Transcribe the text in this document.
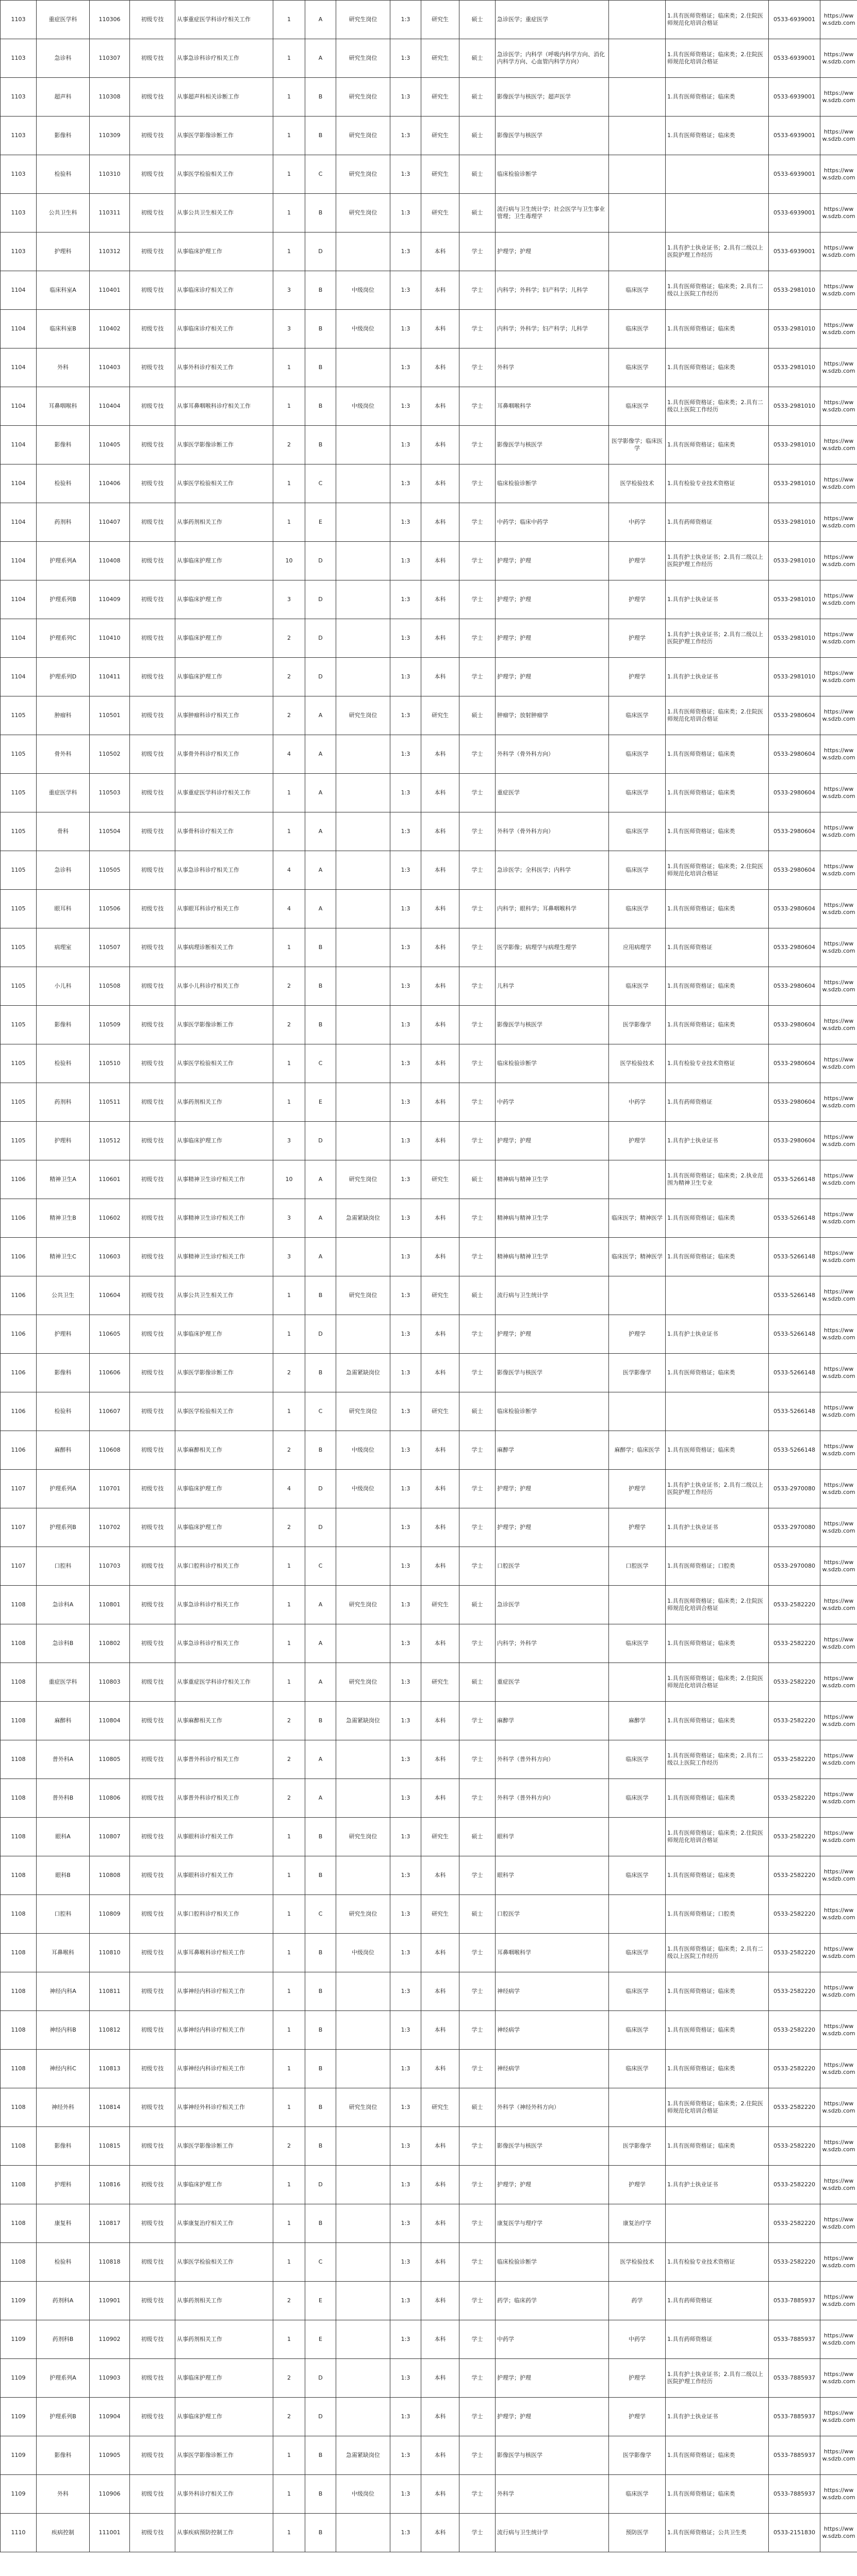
1103	重症医学科	110306	初级专技	从事重症医学科诊疗相关工作	1	A	研究生岗位	1:3	研究生	硕士	急诊医学；重症医学		1.具有医师资格证；临床类；2.住院医师规范化培训合格证	0533-6939001	https://www.sdzb.com
1103	急诊科	110307	初级专技	从事急诊科诊疗相关工作	1	A	研究生岗位	1:3	研究生	硕士	急诊医学；内科学（呼吸内科学方向、消化内科学方向、心血管内科学方向）		1.具有医师资格证；临床类；2.住院医师规范化培训合格证	0533-6939001	https://www.sdzb.com
1103	超声科	110308	初级专技	从事超声科相关诊断工作	1	B	研究生岗位	1:3	研究生	硕士	影像医学与核医学；超声医学		1.具有医师资格证；临床类	0533-6939001	https://www.sdzb.com
1103	影像科	110309	初级专技	从事医学影像诊断工作	1	B	研究生岗位	1:3	研究生	硕士	影像医学与核医学		1.具有医师资格证；临床类	0533-6939001	https://www.sdzb.com
1103	检验科	110310	初级专技	从事医学检验相关工作	1	C	研究生岗位	1:3	研究生	硕士	临床检验诊断学			0533-6939001	https://www.sdzb.com
1103	公共卫生科	110311	初级专技	从事公共卫生相关工作	1	B	研究生岗位	1:3	研究生	硕士	流行病与卫生统计学；社会医学与卫生事业管理；卫生毒理学			0533-6939001	https://www.sdzb.com
1103	护理科	110312	初级专技	从事临床护理工作	1	D		1:3	本科	学士	护理学；护理		1.具有护士执业证书；2.具有二级以上医院护理工作经历	0533-6939001	https://www.sdzb.com
1104	临床科室A	110401	初级专技	从事临床诊疗相关工作	3	B	中级岗位	1:3	本科	学士	内科学；外科学；妇产科学；儿科学	临床医学	1.具有医师资格证；临床类；2.具有二级以上医院工作经历	0533-2981010	https://www.sdzb.com
1104	临床科室B	110402	初级专技	从事临床诊疗相关工作	3	B	中级岗位	1:3	本科	学士	内科学；外科学；妇产科学；儿科学	临床医学	1.具有医师资格证；临床类	0533-2981010	https://www.sdzb.com
1104	外科	110403	初级专技	从事外科诊疗相关工作	1	B		1:3	本科	学士	外科学	临床医学	1.具有医师资格证；临床类	0533-2981010	https://www.sdzb.com
1104	耳鼻咽喉科	110404	初级专技	从事耳鼻咽喉科诊疗相关工作	1	B	中级岗位	1:3	本科	学士	耳鼻咽喉科学	临床医学	1.具有医师资格证；临床类；2.具有二级以上医院工作经历	0533-2981010	https://www.sdzb.com
1104	影像科	110405	初级专技	从事医学影像诊断工作	2	B		1:3	本科	学士	影像医学与核医学	医学影像学；临床医学	1.具有医师资格证；临床类	0533-2981010	https://www.sdzb.com
1104	检验科	110406	初级专技	从事医学检验相关工作	1	C		1:3	本科	学士	临床检验诊断学	医学检验技术	1.具有检验专业技术资格证	0533-2981010	https://www.sdzb.com
1104	药剂科	110407	初级专技	从事药剂相关工作	1	E		1:3	本科	学士	中药学；临床中药学	中药学	1.具有药师资格证	0533-2981010	https://www.sdzb.com
1104	护理系列A	110408	初级专技	从事临床护理工作	10	D		1:3	本科	学士	护理学；护理	护理学	1.具有护士执业证书；2.具有二级以上医院护理工作经历	0533-2981010	https://www.sdzb.com
1104	护理系列B	110409	初级专技	从事临床护理工作	3	D		1:3	本科	学士	护理学；护理	护理学	1.具有护士执业证书	0533-2981010	https://www.sdzb.com
1104	护理系列C	110410	初级专技	从事临床护理工作	2	D		1:3	本科	学士	护理学；护理	护理学	1.具有护士执业证书；2.具有二级以上医院护理工作经历	0533-2981010	https://www.sdzb.com
1104	护理系列D	110411	初级专技	从事临床护理工作	2	D		1:3	本科	学士	护理学；护理	护理学	1.具有护士执业证书	0533-2981010	https://www.sdzb.com
1105	肿瘤科	110501	初级专技	从事肿瘤科诊疗相关工作	2	A	研究生岗位	1:3	研究生	硕士	肿瘤学；放射肿瘤学	临床医学	1.具有医师资格证；临床类；2.住院医师规范化培训合格证	0533-2980604	https://www.sdzb.com
1105	骨外科	110502	初级专技	从事骨外科诊疗相关工作	4	A		1:3	本科	学士	外科学（骨外科方向）	临床医学	1.具有医师资格证；临床类	0533-2980604	https://www.sdzb.com
1105	重症医学科	110503	初级专技	从事重症医学科诊疗相关工作	1	A		1:3	本科	学士	重症医学	临床医学	1.具有医师资格证；临床类	0533-2980604	https://www.sdzb.com
1105	骨科	110504	初级专技	从事骨科诊疗相关工作	1	A		1:3	本科	学士	外科学（骨外科方向）	临床医学	1.具有医师资格证；临床类	0533-2980604	https://www.sdzb.com
1105	急诊科	110505	初级专技	从事急诊科诊疗相关工作	4	A		1:3	本科	学士	急诊医学；全科医学；内科学	临床医学	1.具有医师资格证；临床类；2.住院医师规范化培训合格证	0533-2980604	https://www.sdzb.com
1105	眼耳科	110506	初级专技	从事眼耳科诊疗相关工作	4	A		1:3	本科	学士	内科学；眼科学；耳鼻咽喉科学	临床医学	1.具有医师资格证；临床类	0533-2980604	https://www.sdzb.com
1105	病理室	110507	初级专技	从事病理诊断相关工作	1	B		1:3	本科	学士	医学影像；病理学与病理生理学	应用病理学	1.具有医师资格证	0533-2980604	https://www.sdzb.com
1105	小儿科	110508	初级专技	从事小儿科诊疗相关工作	2	B		1:3	本科	学士	儿科学	临床医学	1.具有医师资格证；临床类	0533-2980604	https://www.sdzb.com
1105	影像科	110509	初级专技	从事医学影像诊断工作	2	B		1:3	本科	学士	影像医学与核医学	医学影像学	1.具有医师资格证；临床类	0533-2980604	https://www.sdzb.com
1105	检验科	110510	初级专技	从事医学检验相关工作	1	C		1:3	本科	学士	临床检验诊断学	医学检验技术	1.具有检验专业技术资格证	0533-2980604	https://www.sdzb.com
1105	药剂科	110511	初级专技	从事药剂相关工作	1	E		1:3	本科	学士	中药学	中药学	1.具有药师资格证	0533-2980604	https://www.sdzb.com
1105	护理科	110512	初级专技	从事临床护理工作	3	D		1:3	本科	学士	护理学；护理	护理学	1.具有护士执业证书	0533-2980604	https://www.sdzb.com
1106	精神卫生A	110601	初级专技	从事精神卫生诊疗相关工作	10	A	研究生岗位	1:3	研究生	硕士	精神病与精神卫生学		1.具有医师资格证；临床类；2.执业范围为精神卫生专业	0533-5266148	https://www.sdzb.com
1106	精神卫生B	110602	初级专技	从事精神卫生诊疗相关工作	3	A	急需紧缺岗位	1:3	本科	学士	精神病与精神卫生学	临床医学；精神医学	1.具有医师资格证；临床类	0533-5266148	https://www.sdzb.com
1106	精神卫生C	110603	初级专技	从事精神卫生诊疗相关工作	3	A		1:3	本科	学士	精神病与精神卫生学	临床医学；精神医学	1.具有医师资格证；临床类	0533-5266148	https://www.sdzb.com
1106	公共卫生	110604	初级专技	从事公共卫生相关工作	1	B	研究生岗位	1:3	研究生	硕士	流行病与卫生统计学			0533-5266148	https://www.sdzb.com
1106	护理科	110605	初级专技	从事临床护理工作	1	D		1:3	本科	学士	护理学；护理	护理学	1.具有护士执业证书	0533-5266148	https://www.sdzb.com
1106	影像科	110606	初级专技	从事医学影像诊断工作	2	B	急需紧缺岗位	1:3	本科	学士	影像医学与核医学	医学影像学	1.具有医师资格证；临床类	0533-5266148	https://www.sdzb.com
1106	检验科	110607	初级专技	从事医学检验相关工作	1	C	研究生岗位	1:3	研究生	硕士	临床检验诊断学			0533-5266148	https://www.sdzb.com
1106	麻醉科	110608	初级专技	从事麻醉相关工作	2	B	中级岗位	1:3	本科	学士	麻醉学	麻醉学；临床医学	1.具有医师资格证；临床类	0533-5266148	https://www.sdzb.com
1107	护理系列A	110701	初级专技	从事临床护理工作	4	D	中级岗位	1:3	本科	学士	护理学；护理	护理学	1.具有护士执业证书；2.具有二级以上医院护理工作经历	0533-2970080	https://www.sdzb.com
1107	护理系列B	110702	初级专技	从事临床护理工作	2	D		1:3	本科	学士	护理学；护理	护理学	1.具有护士执业证书	0533-2970080	https://www.sdzb.com
1107	口腔科	110703	初级专技	从事口腔科诊疗相关工作	1	C		1:3	本科	学士	口腔医学	口腔医学	1.具有医师资格证；口腔类	0533-2970080	https://www.sdzb.com
1108	急诊科A	110801	初级专技	从事急诊科诊疗相关工作	1	A	研究生岗位	1:3	研究生	硕士	急诊医学		1.具有医师资格证；临床类；2.住院医师规范化培训合格证	0533-2582220	https://www.sdzb.com
1108	急诊科B	110802	初级专技	从事急诊科诊疗相关工作	1	A		1:3	本科	学士	内科学；外科学	临床医学	1.具有医师资格证；临床类	0533-2582220	https://www.sdzb.com
1108	重症医学科	110803	初级专技	从事重症医学科诊疗相关工作	1	A	研究生岗位	1:3	研究生	硕士	重症医学		1.具有医师资格证；临床类；2.住院医师规范化培训合格证	0533-2582220	https://www.sdzb.com
1108	麻醉科	110804	初级专技	从事麻醉相关工作	2	B	急需紧缺岗位	1:3	本科	学士	麻醉学	麻醉学	1.具有医师资格证；临床类	0533-2582220	https://www.sdzb.com
1108	普外科A	110805	初级专技	从事普外科诊疗相关工作	2	A		1:3	本科	学士	外科学（普外科方向）	临床医学	1.具有医师资格证；临床类；2.具有二级以上医院工作经历	0533-2582220	https://www.sdzb.com
1108	普外科B	110806	初级专技	从事普外科诊疗相关工作	2	A		1:3	本科	学士	外科学（普外科方向）	临床医学	1.具有医师资格证；临床类	0533-2582220	https://www.sdzb.com
1108	眼科A	110807	初级专技	从事眼科诊疗相关工作	1	B	研究生岗位	1:3	研究生	硕士	眼科学		1.具有医师资格证；临床类；2.住院医师规范化培训合格证	0533-2582220	https://www.sdzb.com
1108	眼科B	110808	初级专技	从事眼科诊疗相关工作	1	B		1:3	本科	学士	眼科学	临床医学	1.具有医师资格证；临床类	0533-2582220	https://www.sdzb.com
1108	口腔科	110809	初级专技	从事口腔科诊疗相关工作	1	C	研究生岗位	1:3	研究生	硕士	口腔医学		1.具有医师资格证；口腔类	0533-2582220	https://www.sdzb.com
1108	耳鼻喉科	110810	初级专技	从事耳鼻喉科诊疗相关工作	1	B	中级岗位	1:3	本科	学士	耳鼻咽喉科学	临床医学	1.具有医师资格证；临床类；2.具有二级以上医院工作经历	0533-2582220	https://www.sdzb.com
1108	神经内科A	110811	初级专技	从事神经内科诊疗相关工作	1	B		1:3	本科	学士	神经病学	临床医学	1.具有医师资格证；临床类	0533-2582220	https://www.sdzb.com
1108	神经内科B	110812	初级专技	从事神经内科诊疗相关工作	1	B		1:3	本科	学士	神经病学	临床医学	1.具有医师资格证；临床类	0533-2582220	https://www.sdzb.com
1108	神经内科C	110813	初级专技	从事神经内科诊疗相关工作	1	B		1:3	本科	学士	神经病学	临床医学	1.具有医师资格证；临床类	0533-2582220	https://www.sdzb.com
1108	神经外科	110814	初级专技	从事神经外科诊疗相关工作	1	B	研究生岗位	1:3	研究生	硕士	外科学（神经外科方向）		1.具有医师资格证；临床类；2.住院医师规范化培训合格证	0533-2582220	https://www.sdzb.com
1108	影像科	110815	初级专技	从事医学影像诊断工作	2	B		1:3	本科	学士	影像医学与核医学	医学影像学	1.具有医师资格证；临床类	0533-2582220	https://www.sdzb.com
1108	护理科	110816	初级专技	从事临床护理工作	1	D		1:3	本科	学士	护理学；护理	护理学	1.具有护士执业证书	0533-2582220	https://www.sdzb.com
1108	康复科	110817	初级专技	从事康复治疗相关工作	1	B		1:3	本科	学士	康复医学与理疗学	康复治疗学		0533-2582220	https://www.sdzb.com
1108	检验科	110818	初级专技	从事医学检验相关工作	1	C		1:3	本科	学士	临床检验诊断学	医学检验技术	1.具有检验专业技术资格证	0533-2582220	https://www.sdzb.com
1109	药剂科A	110901	初级专技	从事药剂相关工作	2	E		1:3	本科	学士	药学；临床药学	药学	1.具有药师资格证	0533-7885937	https://www.sdzb.com
1109	药剂科B	110902	初级专技	从事药剂相关工作	1	E		1:3	本科	学士	中药学	中药学	1.具有药师资格证	0533-7885937	https://www.sdzb.com
1109	护理系列A	110903	初级专技	从事临床护理工作	2	D		1:3	本科	学士	护理学；护理	护理学	1.具有护士执业证书；2.具有二级以上医院护理工作经历	0533-7885937	https://www.sdzb.com
1109	护理系列B	110904	初级专技	从事临床护理工作	2	D		1:3	本科	学士	护理学；护理	护理学	1.具有护士执业证书	0533-7885937	https://www.sdzb.com
1109	影像科	110905	初级专技	从事医学影像诊断工作	1	B	急需紧缺岗位	1:3	本科	学士	影像医学与核医学	医学影像学	1.具有医师资格证；临床类	0533-7885937	https://www.sdzb.com
1109	外科	110906	初级专技	从事外科诊疗相关工作	1	B	中级岗位	1:3	本科	学士	外科学	临床医学	1.具有医师资格证；临床类	0533-7885937	https://www.sdzb.com
1110	疾病控制	111001	初级专技	从事疾病预防控制工作	1	B		1:3	本科	学士	流行病与卫生统计学	预防医学	1.具有医师资格证；公共卫生类	0533-2151830	https://www.sdzb.com
